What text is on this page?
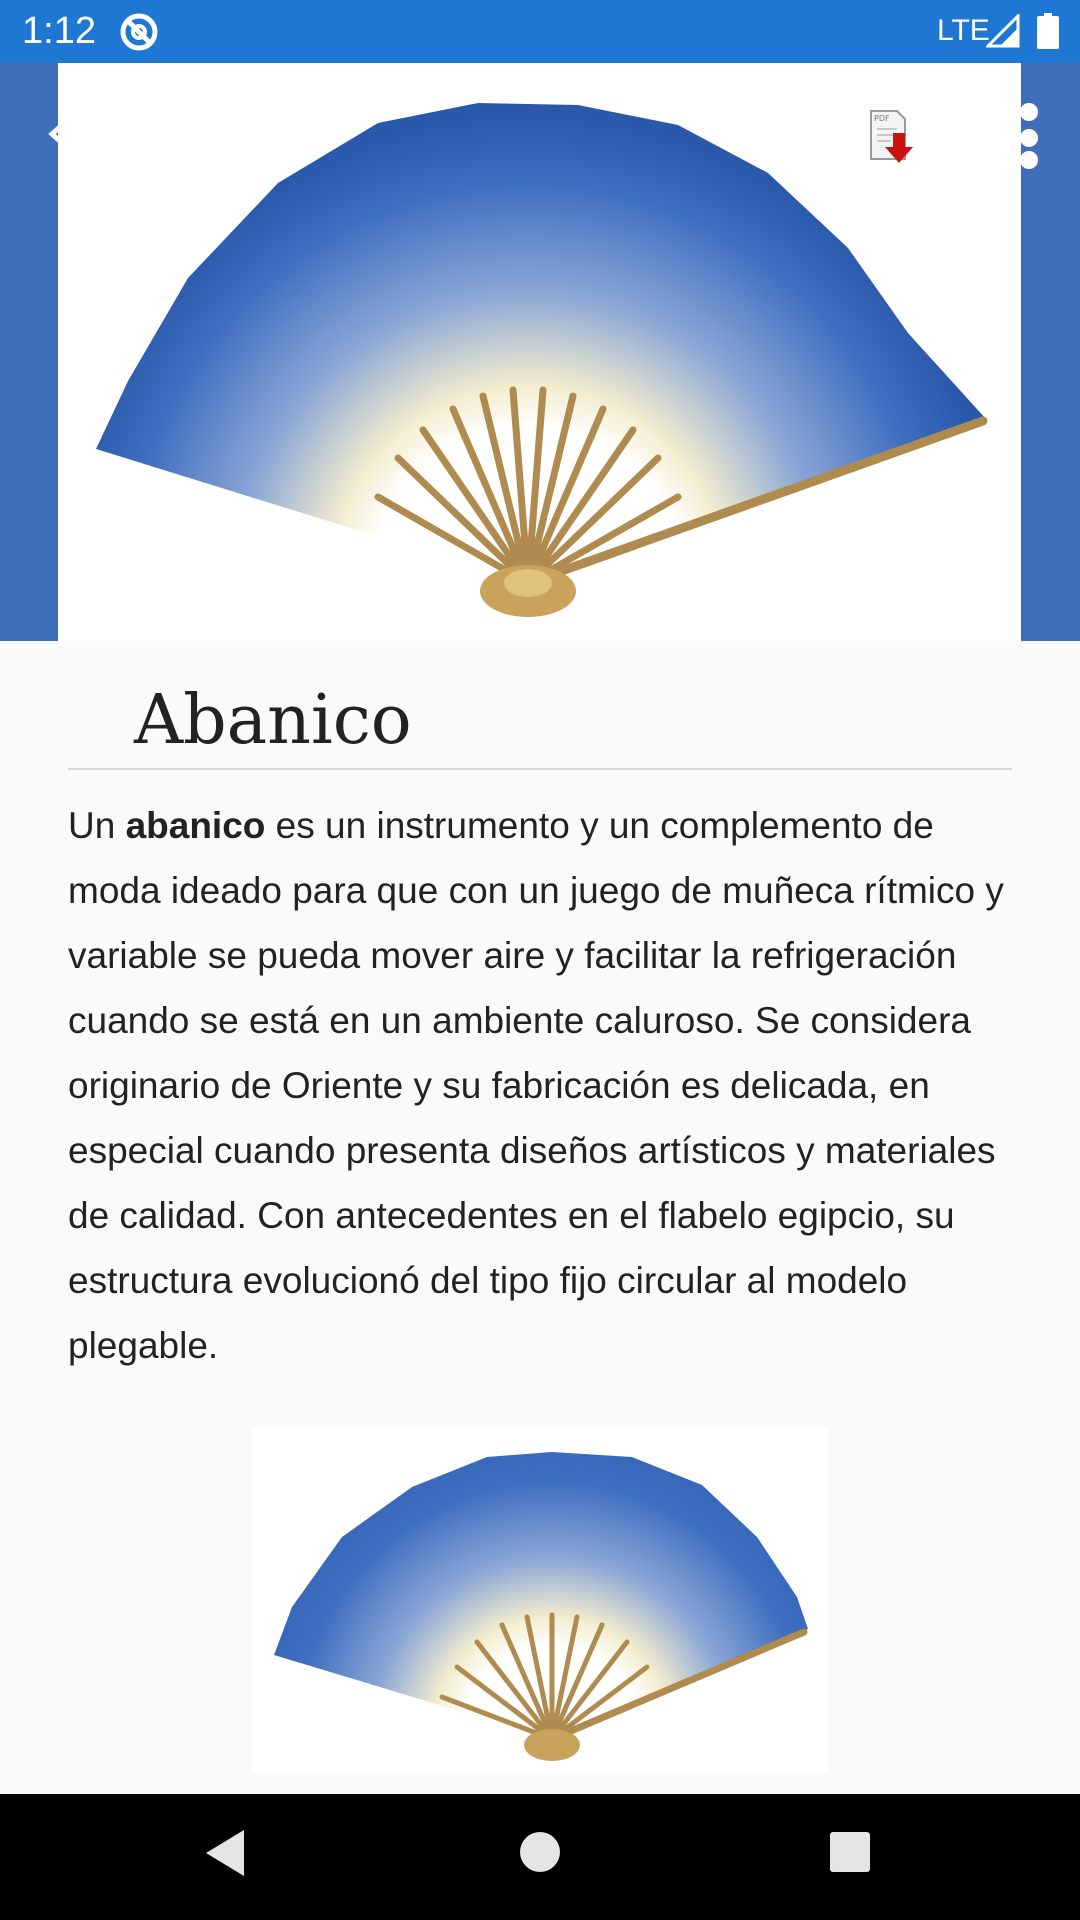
1:12	LTE
PDF
Abanico

Un abanico es un instrumento y un complemento de moda ideado para que con un juego de muñeca rítmico y variable se pueda mover aire y facilitar la refrigeración cuando se está en un ambiente caluroso. Se considera originario de Oriente y su fabricación es delicada, en especial cuando presenta diseños artísticos y materiales de calidad. Con antecedentes en el flabelo egipcio, su estructura evolucionó del tipo fijo circular al modelo plegable.
